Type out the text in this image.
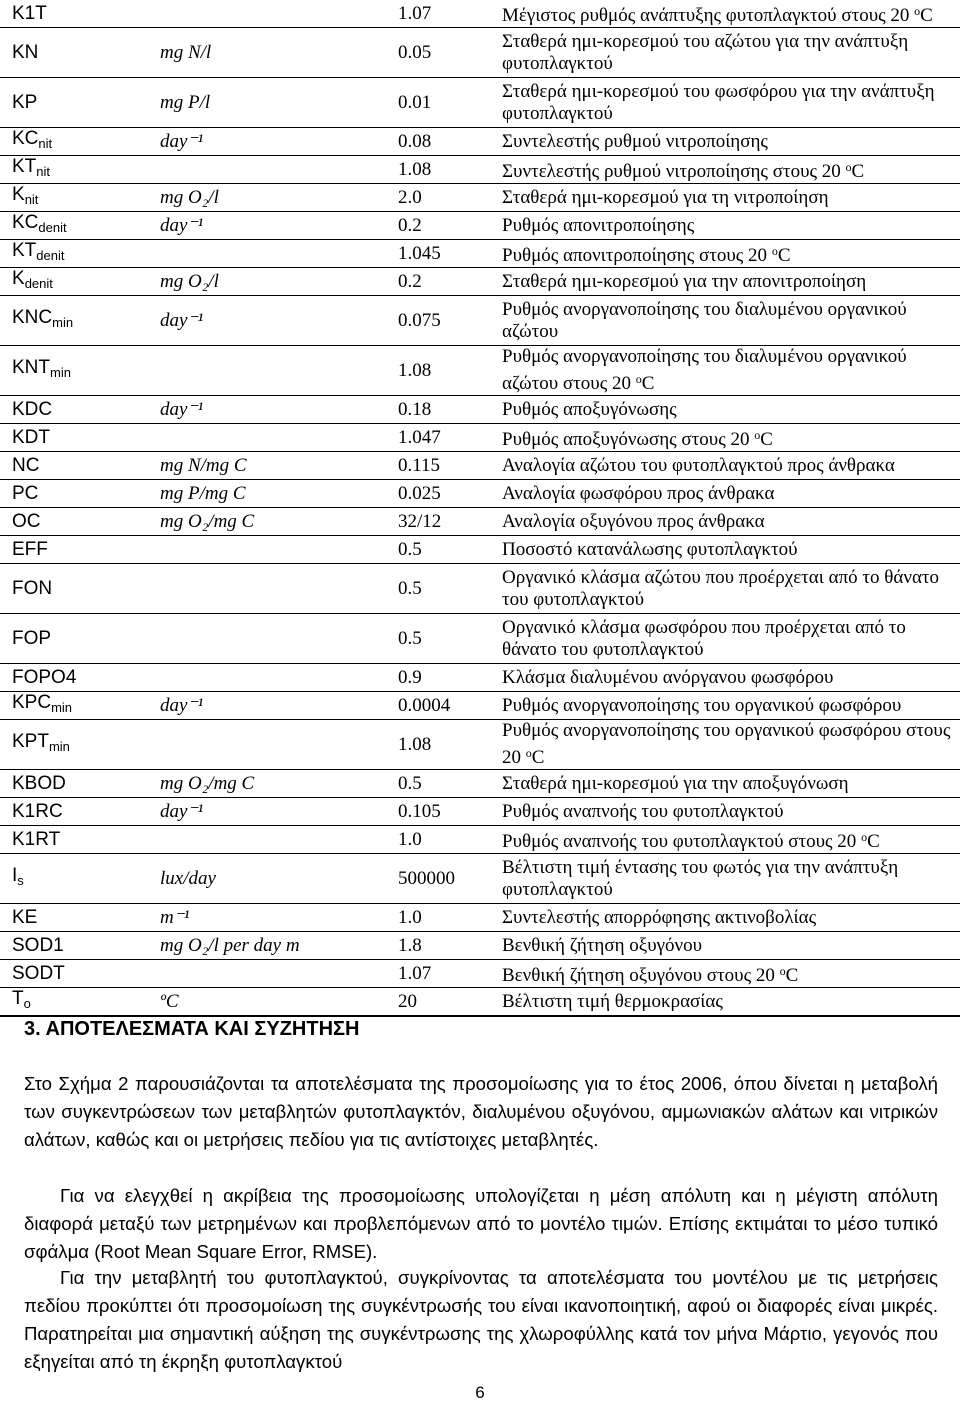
K1T		1.07	Μέγιστος ρυθμός ανάπτυξης φυτοπλαγκτού στους 20 $^o$C
KN	mg N/l	0.05	Σταθερά ημι-κορεσμού του αζώτου για την ανάπτυξη φυτοπλαγκτού
KP	mg P/l	0.01	Σταθερά ημι-κορεσμού του φωσφόρου για την ανάπτυξη φυτοπλαγκτού
$KC_{nit}$	day⁻¹	0.08	Συντελεστής ρυθμού νιτροποίησης
$KT_{nit}$		1.08	Συντελεστής ρυθμού νιτροποίησης στους 20 $^o$C
$K_{nit}$	mg O₂/l	2.0	Σταθερά ημι-κορεσμού για τη νιτροποίηση
$KC_{denit}$	day⁻¹	0.2	Ρυθμός απονιτροποίησης
$KT_{denit}$		1.045	Ρυθμός απονιτροποίησης στους 20 $^o$C
$K_{denit}$	mg O₂/l	0.2	Σταθερά ημι-κορεσμού για την απονιτροποίηση
$KNC_{min}$	day⁻¹	0.075	Ρυθμός ανοργανοποίησης του διαλυμένου οργανικού αζώτου
$KNT_{min}$		1.08	Ρυθμός ανοργανοποίησης του διαλυμένου οργανικού αζώτου στους 20 $^o$C
KDC	day⁻¹	0.18	Ρυθμός αποξυγόνωσης
KDT		1.047	Ρυθμός αποξυγόνωσης στους 20 $^o$C
NC	mg N/mg C	0.115	Αναλογία αζώτου του φυτοπλαγκτού προς άνθρακα
PC	mg P/mg C	0.025	Αναλογία φωσφόρου προς άνθρακα
OC	mg O₂/mg C	32/12	Αναλογία οξυγόνου προς άνθρακα
EFF		0.5	Ποσοστό κατανάλωσης φυτοπλαγκτού
FON		0.5	Οργανικό κλάσμα αζώτου που προέρχεται από το θάνατο του φυτοπλαγκτού
FOP		0.5	Οργανικό κλάσμα φωσφόρου που προέρχεται από το θάνατο του φυτοπλαγκτού
FOPO4		0.9	Κλάσμα διαλυμένου ανόργανου φωσφόρου
$KPC_{min}$	day⁻¹	0.0004	Ρυθμός ανοργανοποίησης του οργανικού φωσφόρου
$KPT_{min}$		1.08	Ρυθμός ανοργανοποίησης του οργανικού φωσφόρου στους 20 $^o$C
KBOD	mg O₂/mg C	0.5	Σταθερά ημι-κορεσμού για την αποξυγόνωση
K1RC	day⁻¹	0.105	Ρυθμός αναπνοής του φυτοπλαγκτού
K1RT		1.0	Ρυθμός αναπνοής του φυτοπλαγκτού στους 20 $^o$C
$I_s$	lux/day	500000	Βέλτιστη τιμή έντασης του φωτός για την ανάπτυξη φυτοπλαγκτού
KE	m⁻¹	1.0	Συντελεστής απορρόφησης ακτινοβολίας
SOD1	mg O₂/l per day m	1.8	Βενθική ζήτηση οξυγόνου
SODT		1.07	Βενθική ζήτηση οξυγόνου στους 20 $^o$C
$T_o$	ºC	20	Βέλτιστη τιμή θερμοκρασίας
3. ΑΠΟΤΕΛΕΣΜΑΤΑ ΚΑΙ ΣΥΖΗΤΗΣΗ

Στο Σχήμα 2 παρουσιάζονται τα αποτελέσματα της προσομοίωσης για το έτος 2006, όπου δίνεται η μεταβολή των συγκεντρώσεων των μεταβλητών φυτοπλαγκτόν, διαλυμένου οξυγόνου, αμμωνιακών αλάτων και νιτρικών αλάτων, καθώς και οι μετρήσεις πεδίου για τις αντίστοιχες μεταβλητές.

Για να ελεγχθεί η ακρίβεια της προσομοίωσης υπολογίζεται η μέση απόλυτη και η μέγιστη απόλυτη διαφορά μεταξύ των μετρημένων και προβλεπόμενων από το μοντέλο τιμών. Επίσης εκτιμάται το μέσο τυπικό σφάλμα (Root Mean Square Error, RMSE).

Για την μεταβλητή του φυτοπλαγκτού, συγκρίνοντας τα αποτελέσματα του μοντέλου με τις μετρήσεις πεδίου προκύπτει ότι προσομοίωση της συγκέντρωσής του είναι ικανοποιητική, αφού οι διαφορές είναι μικρές. Παρατηρείται μια σημαντική αύξηση της συγκέντρωσης της χλωροφύλλης κατά τον μήνα Μάρτιο, γεγονός που εξηγείται από τη έκρηξη φυτοπλαγκτού

6
